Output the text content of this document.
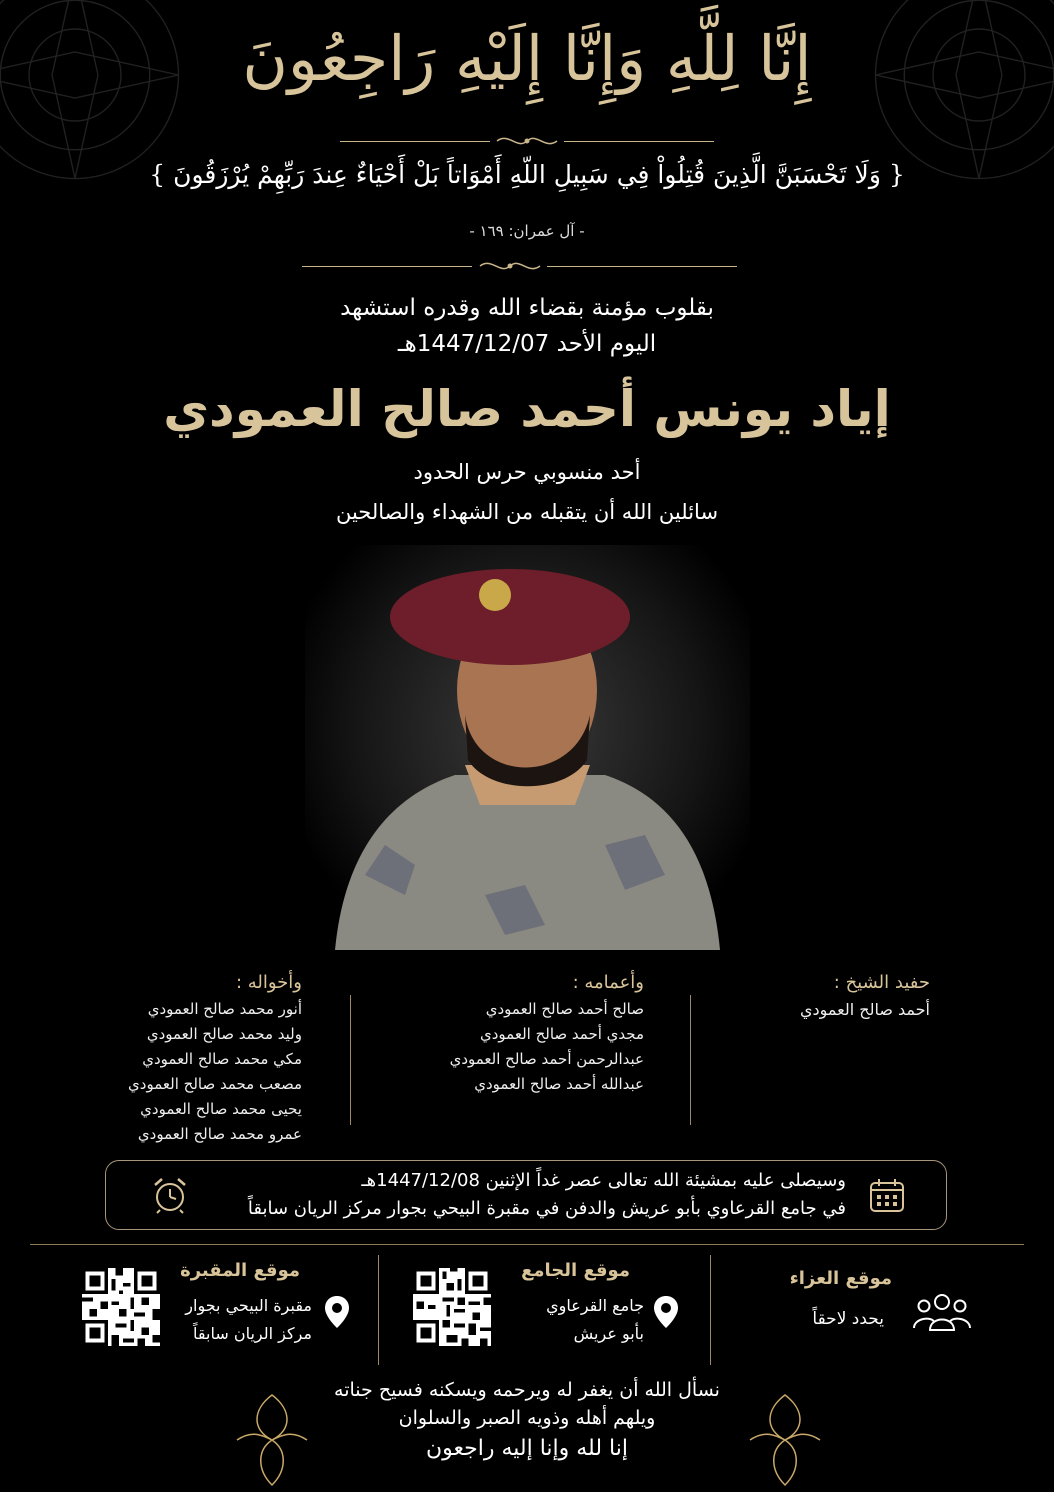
إِنَّا لِلَّهِ وَإِنَّا إِلَيْهِ رَاجِعُونَ
{ وَلَا تَحْسَبَنَّ الَّذِينَ قُتِلُواْ فِي سَبِيلِ اللّهِ أَمْوَاتاً بَلْ أَحْيَاءٌ عِندَ رَبِّهِمْ يُرْزَقُونَ }
- آل عمران: ١٦٩ -
بقلوب مؤمنة بقضاء الله وقدره استشهد
اليوم الأحد 1447/12/07هـ
إياد يونس أحمد صالح العمودي
أحد منسوبي حرس الحدود
سائلين الله أن يتقبله من الشهداء والصالحين
حفيد الشيخ :
أحمد صالح العمودي
وأعمامه :
صالح أحمد صالح العمودي
مجدي أحمد صالح العمودي
عبدالرحمن أحمد صالح العمودي
عبدالله أحمد صالح العمودي
وأخواله :
أنور محمد صالح العمودي
وليد محمد صالح العمودي
مكي محمد صالح العمودي
مصعب محمد صالح العمودي
يحيى محمد صالح العمودي
عمرو محمد صالح العمودي
وسيصلى عليه بمشيئة الله تعالى عصر غداً الإثنين 1447/12/08هـ
في جامع القرعاوي بأبو عريش والدفن في مقبرة البيحي بجوار مركز الريان سابقاً
موقع العزاء
يحدد لاحقاً
موقع الجامع
جامع القرعاوي
بأبو عريش
موقع المقبرة
مقبرة البيحي بجوار
مركز الريان سابقاً
نسأل الله أن يغفر له ويرحمه ويسكنه فسيح جناته
ويلهم أهله وذويه الصبر والسلوان
إنا لله وإنا إليه راجعون
